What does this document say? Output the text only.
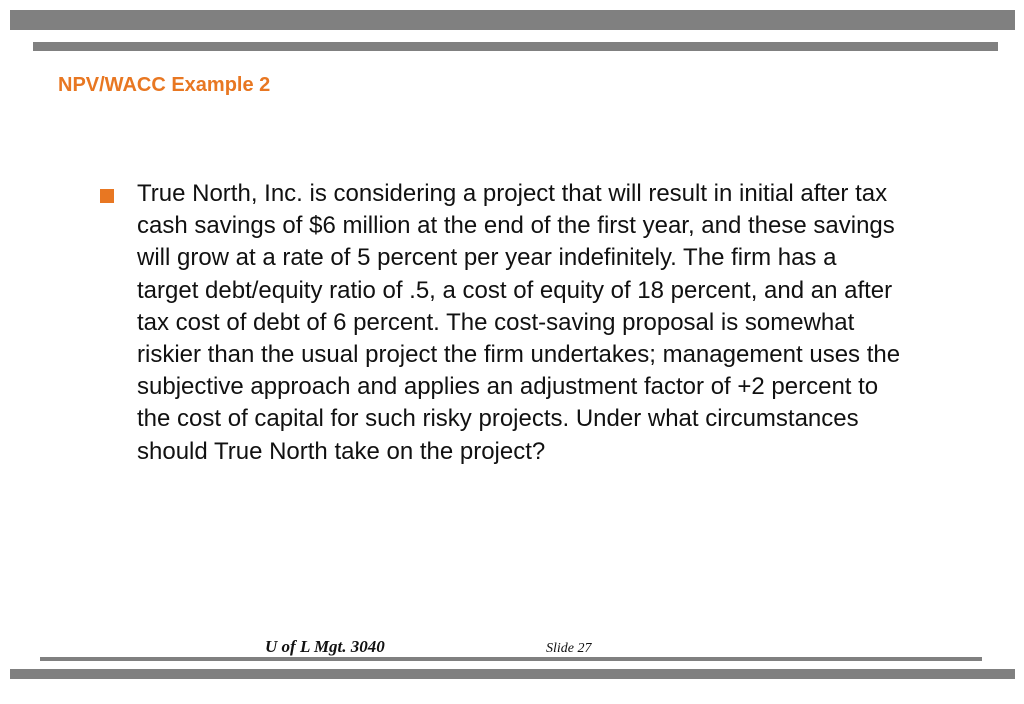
NPV/WACC Example 2
True North, Inc. is considering a project that will result in initial after tax cash savings of $6 million at the end of the first year, and these savings will grow at a rate of 5 percent per year indefinitely. The firm has a target debt/equity ratio of .5, a cost of equity of 18 percent, and an after tax cost of debt of 6 percent. The cost-saving proposal is somewhat riskier than the usual project the firm undertakes; management uses the subjective approach and applies an adjustment factor of +2 percent to the cost of capital for such risky projects. Under what circumstances should True North take on the project?
U of L Mgt. 3040	Slide 27
